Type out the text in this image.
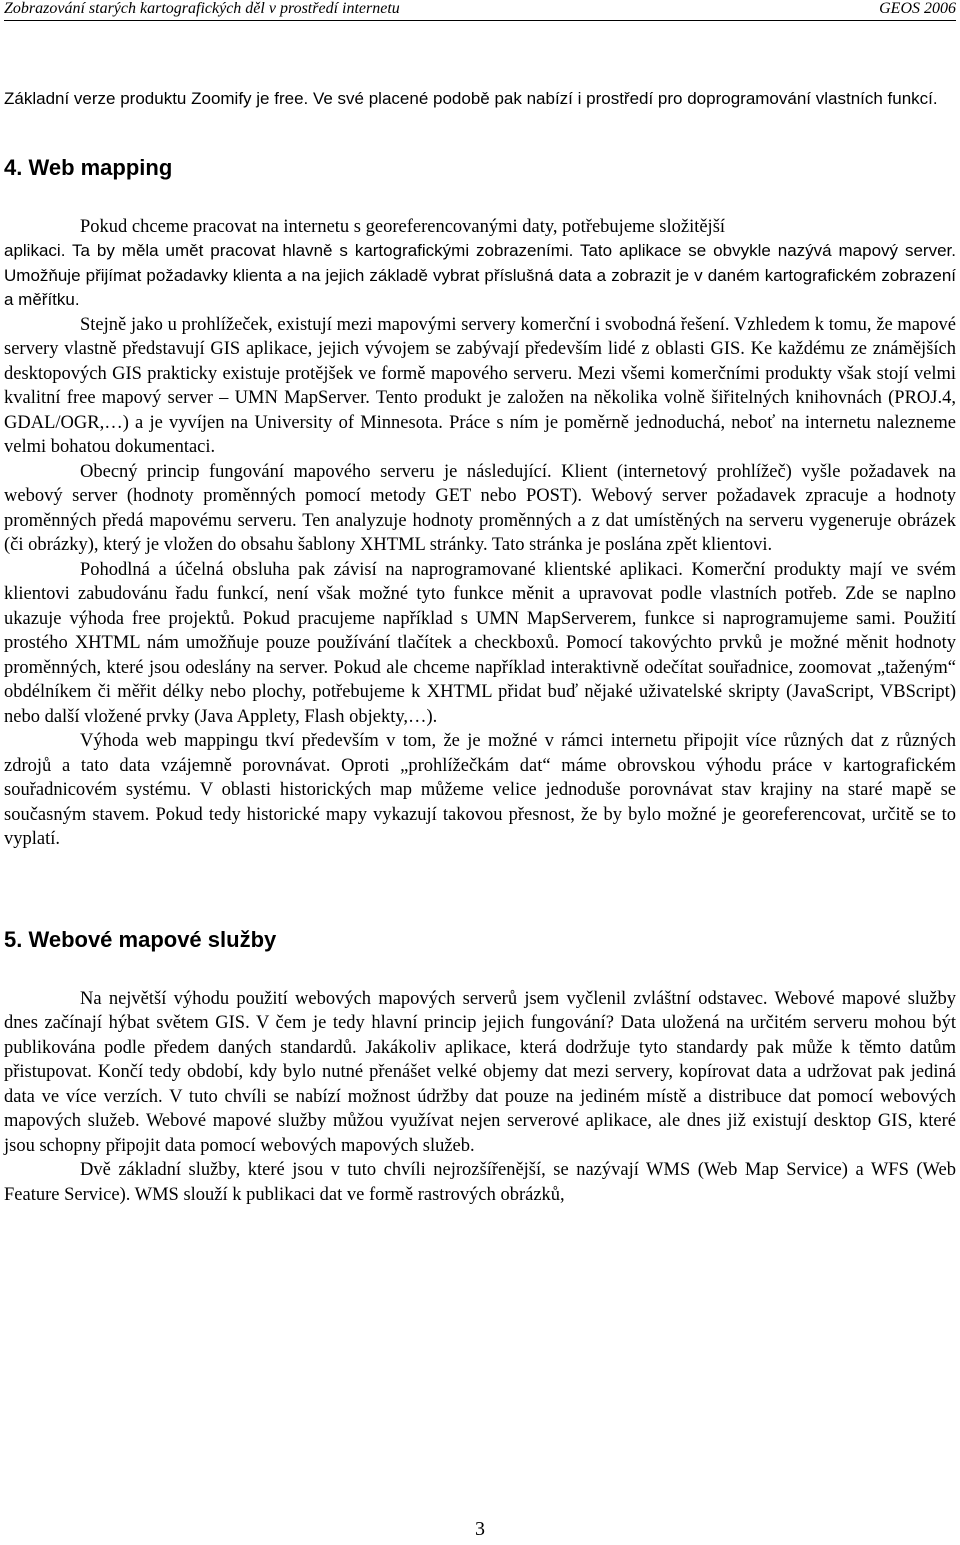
Zobrazování starých kartografických děl v prostředí internetu	GEOS 2006

Základní verze produktu Zoomify je free. Ve své placené podobě pak nabízí i prostředí pro doprogramování vlastních funkcí.

4. Web mapping

Pokud chceme pracovat na internetu s georeferencovanými daty, potřebujeme složitější

aplikaci. Ta by měla umět pracovat hlavně s kartografickými zobrazeními. Tato aplikace se obvykle nazývá mapový server. Umožňuje přijímat požadavky klienta a na jejich základě vybrat příslušná data a zobrazit je v daném kartografickém zobrazení a měřítku.

Stejně jako u prohlížeček, existují mezi mapovými servery komerční i svobodná řešení. Vzhledem k tomu, že mapové servery vlastně představují GIS aplikace, jejich vývojem se zabývají především lidé z oblasti GIS. Ke každému ze známějších desktopových GIS prakticky existuje protějšek ve formě mapového serveru. Mezi všemi komerčními produkty však stojí velmi kvalitní free mapový server – UMN MapServer. Tento produkt je založen na několika volně šiřitelných knihovnách (PROJ.4, GDAL/OGR,…) a je vyvíjen na University of Minnesota. Práce s ním je poměrně jednoduchá, neboť na internetu nalezneme velmi bohatou dokumentaci.

Obecný princip fungování mapového serveru je následující. Klient (internetový prohlížeč) vyšle požadavek na webový server (hodnoty proměnných pomocí metody GET nebo POST). Webový server požadavek zpracuje a hodnoty proměnných předá mapovému serveru. Ten analyzuje hodnoty proměnných a z dat umístěných na serveru vygeneruje obrázek (či obrázky), který je vložen do obsahu šablony XHTML stránky. Tato stránka je poslána zpět klientovi.

Pohodlná a účelná obsluha pak závisí na naprogramované klientské aplikaci. Komerční produkty mají ve svém klientovi zabudovánu řadu funkcí, není však možné tyto funkce měnit a upravovat podle vlastních potřeb. Zde se naplno ukazuje výhoda free projektů. Pokud pracujeme například s UMN MapServerem, funkce si naprogramujeme sami. Použití prostého XHTML nám umožňuje pouze používání tlačítek a checkboxů. Pomocí takovýchto prvků je možné měnit hodnoty proměnných, které jsou odeslány na server. Pokud ale chceme například interaktivně odečítat souřadnice, zoomovat „taženým“ obdélníkem či měřit délky nebo plochy, potřebujeme k XHTML přidat buď nějaké uživatelské skripty (JavaScript, VBScript) nebo další vložené prvky (Java Applety, Flash objekty,…).

Výhoda web mappingu tkví především v tom, že je možné v rámci internetu připojit více různých dat z různých zdrojů a tato data vzájemně porovnávat. Oproti „prohlížečkám dat“ máme obrovskou výhodu práce v kartografickém souřadnicovém systému. V oblasti historických map můžeme velice jednoduše porovnávat stav krajiny na staré mapě se současným stavem. Pokud tedy historické mapy vykazují takovou přesnost, že by bylo možné je georeferencovat, určitě se to vyplatí.

5. Webové mapové služby

Na největší výhodu použití webových mapových serverů jsem vyčlenil zvláštní odstavec. Webové mapové služby dnes začínají hýbat světem GIS. V čem je tedy hlavní princip jejich fungování? Data uložená na určitém serveru mohou být publikována podle předem daných standardů. Jakákoliv aplikace, která dodržuje tyto standardy pak může k těmto datům přistupovat. Končí tedy období, kdy bylo nutné přenášet velké objemy dat mezi servery, kopírovat data a udržovat pak jediná data ve více verzích. V tuto chvíli se nabízí možnost údržby dat pouze na jediném místě a distribuce dat pomocí webových mapových služeb. Webové mapové služby můžou využívat nejen serverové aplikace, ale dnes již existují desktop GIS, které jsou schopny připojit data pomocí webových mapových služeb.

Dvě základní služby, které jsou v tuto chvíli nejrozšířenější, se nazývají WMS (Web Map Service) a WFS (Web Feature Service). WMS slouží k publikaci dat ve formě rastrových obrázků,

3
